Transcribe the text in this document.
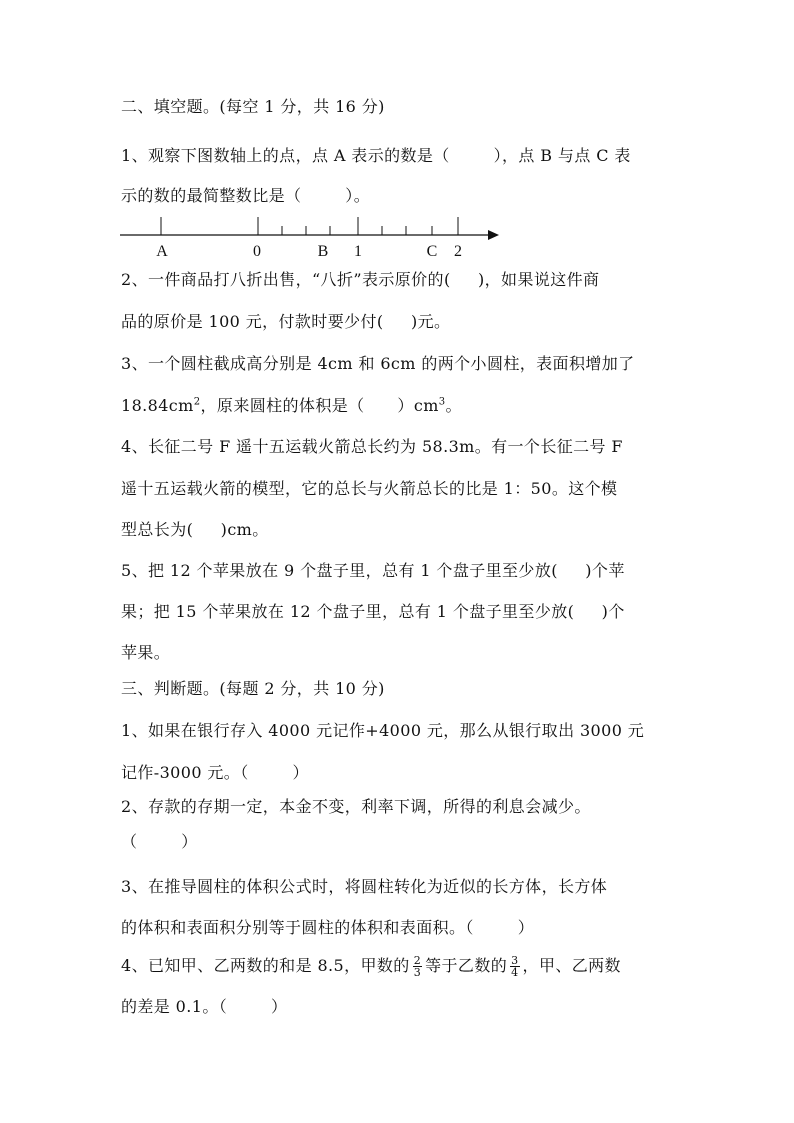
二、填空题。(每空 1 分，共 16 分)
1、观察下图数轴上的点，点 A 表示的数是（        ），点 B 与点 C 表
示的数的最简整数比是（        ）。
A	0	B 1	C 2
2、一件商品打八折出售，“八折”表示原价的(     )，如果说这件商
品的原价是 100 元，付款时要少付(     )元。
3、一个圆柱截成高分别是 4cm 和 6cm 的两个小圆柱，表面积增加了
$18.84cm^2$，原来圆柱的体积是（      ）$cm^3$。
4、长征二号 F 遥十五运载火箭总长约为 58.3m。有一个长征二号 F
遥十五运载火箭的模型，它的总长与火箭总长的比是 1：50。这个模
型总长为(     )cm。
5、把 12 个苹果放在 9 个盘子里，总有 1 个盘子里至少放(     )个苹
果；把 15 个苹果放在 12 个盘子里，总有 1 个盘子里至少放(     )个
苹果。
三、判断题。(每题 2 分，共 10 分)
1、如果在银行存入 4000 元记作+4000 元，那么从银行取出 3000 元
记作-3000 元。（        ）
2、存款的存期一定，本金不变，利率下调，所得的利息会减少。
（        ）
3、在推导圆柱的体积公式时，将圆柱转化为近似的长方体，长方体
的体积和表面积分别等于圆柱的体积和表面积。（        ）
4、已知甲、乙两数的和是 8.5，甲数的 $\frac{2}{3}$ 等于乙数的 $\frac{3}{4}$ ，甲、乙两数
的差是 0.1。（        ）
